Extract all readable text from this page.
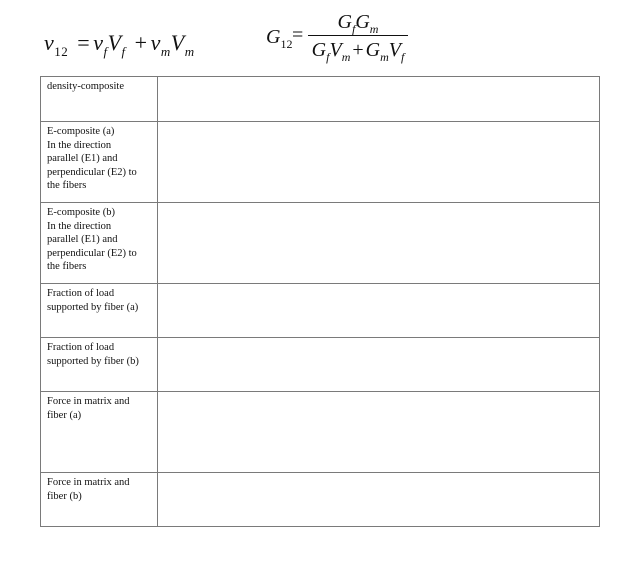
$\nu_{12} = \nu_fV_f + \nu_mV_m$
$G_{12}$ =
$G_fG_m$
$G_fV_m + G_mV_f$
density-composite	

E-composite (a)
In the direction
parallel (E1) and
perpendicular (E2) to
the fibers	

E-composite (b)
In the direction
parallel (E1) and
perpendicular (E2) to
the fibers	

Fraction of load
supported by fiber (a)	

Fraction of load
supported by fiber (b)	

Force in matrix and
fiber (a)	

Force in matrix and
fiber (b)	
